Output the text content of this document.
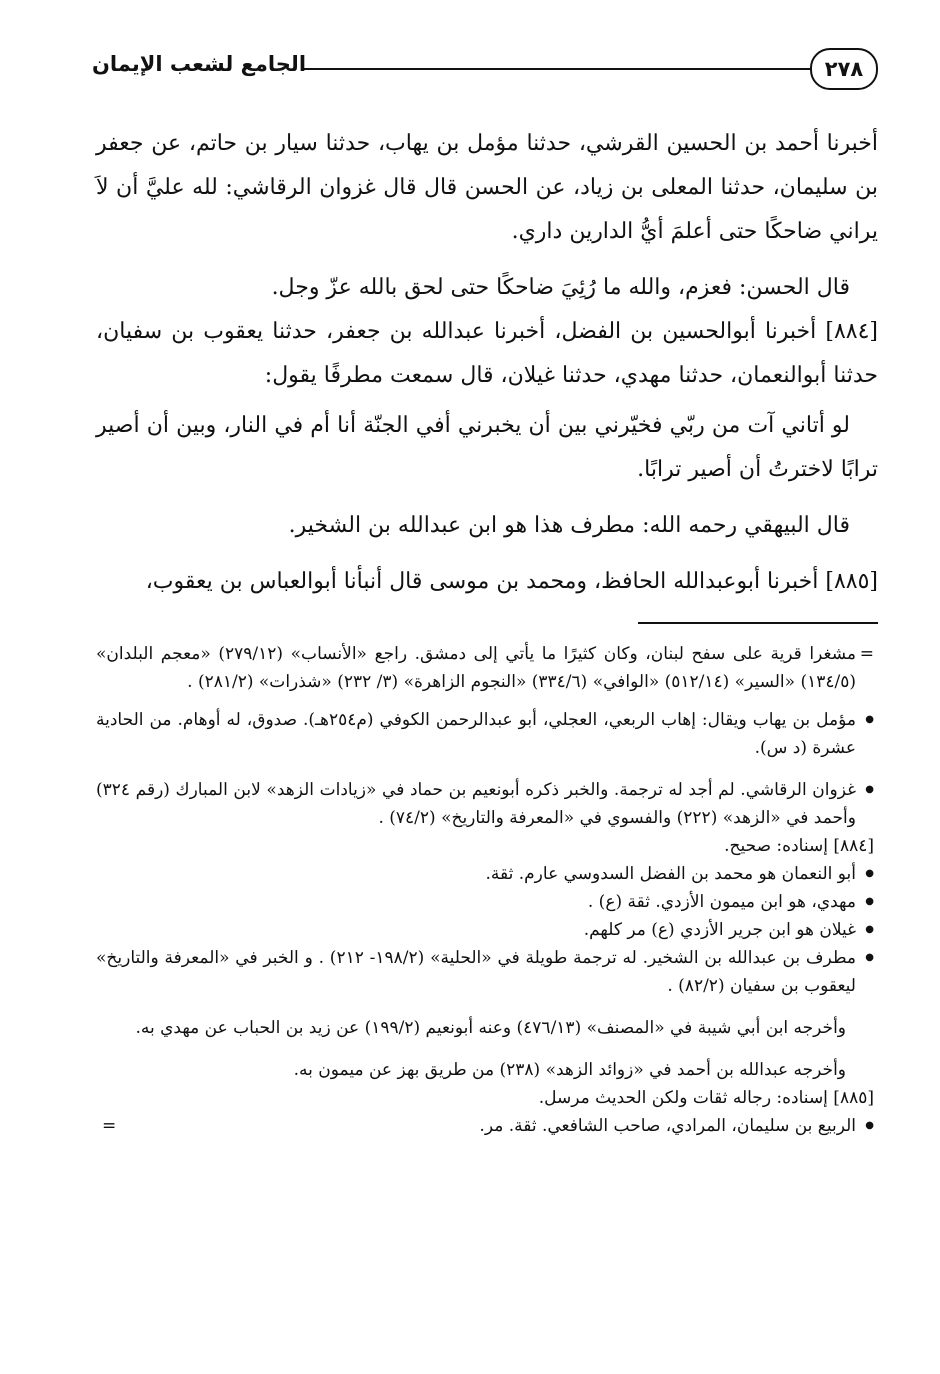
٢٧٨
الجامع لشعب الإيمان

أخبرنا أحمد بن الحسين القرشي، حدثنا مؤمل بن يهاب، حدثنا سيار بن حاتم، عن جعفر بن سليمان، حدثنا المعلى بن زياد، عن الحسن قال قال غزوان الرقاشي: لله عليَّ أن لاَ يراني ضاحكًا حتى أعلمَ أيُّ الدارين داري.

قال الحسن: فعزم، والله ما رُئِيَ ضاحكًا حتى لحق بالله عزّ وجل.

[٨٨٤] أخبرنا أبوالحسين بن الفضل، أخبرنا عبدالله بن جعفر، حدثنا يعقوب بن سفيان، حدثنا أبوالنعمان، حدثنا مهدي، حدثنا غيلان، قال سمعت مطرفًا يقول:

لو أتاني آت من ربّي فخيّرني بين أن يخبرني أفي الجنّة أنا أم في النار، وبين أن أصير ترابًا لاخترتُ أن أصير ترابًا.

قال البيهقي رحمه الله: مطرف هذا هو ابن عبدالله بن الشخير.

[٨٨٥] أخبرنا أبوعبدالله الحافظ، ومحمد بن موسى قال أنبأنا أبوالعباس بن يعقوب،

=
مشغرا قرية على سفح لبنان، وكان كثيرًا ما يأتي إلى دمشق. راجع «الأنساب» (٢٧٩/١٢) «معجم البلدان» (١٣٤/٥) «السير» (٥١٢/١٤) «الوافي» (٣٣٤/٦) «النجوم الزاهرة» (٣/ ٢٣٢) «شذرات» (٢٨١/٢) .

● مؤمل بن يهاب ويقال: إهاب الربعي، العجلي، أبو عبدالرحمن الكوفي (م٢٥٤هـ). صدوق، له أوهام. من الحادية عشرة (د س).

● غزوان الرقاشي. لم أجد له ترجمة. والخبر ذكره أبونعيم بن حماد في «زيادات الزهد» لابن المبارك (رقم ٣٢٤) وأحمد في «الزهد» (٢٢٢) والفسوي في «المعرفة والتاريخ» (٧٤/٢) .

[٨٨٤] إسناده: صحيح.

● أبو النعمان هو محمد بن الفضل السدوسي عارم. ثقة.

● مهدي، هو ابن ميمون الأزدي. ثقة (ع) .

● غيلان هو ابن جرير الأزدي (ع) مر كلهم.

● مطرف بن عبدالله بن الشخير. له ترجمة طويلة في «الحلية» (١٩٨/٢- ٢١٢) . و الخبر في «المعرفة والتاريخ» ليعقوب بن سفيان (٨٢/٢) .

وأخرجه ابن أبي شيبة في «المصنف» (٤٧٦/١٣) وعنه أبونعيم (١٩٩/٢) عن زيد بن الحباب عن مهدي به.

وأخرجه عبدالله بن أحمد في «زوائد الزهد» (٢٣٨) من طريق بهز عن ميمون به.

[٨٨٥] إسناده: رجاله ثقات ولكن الحديث مرسل.

● الربيع بن سليمان، المرادي، صاحب الشافعي. ثقة. مر.
=
